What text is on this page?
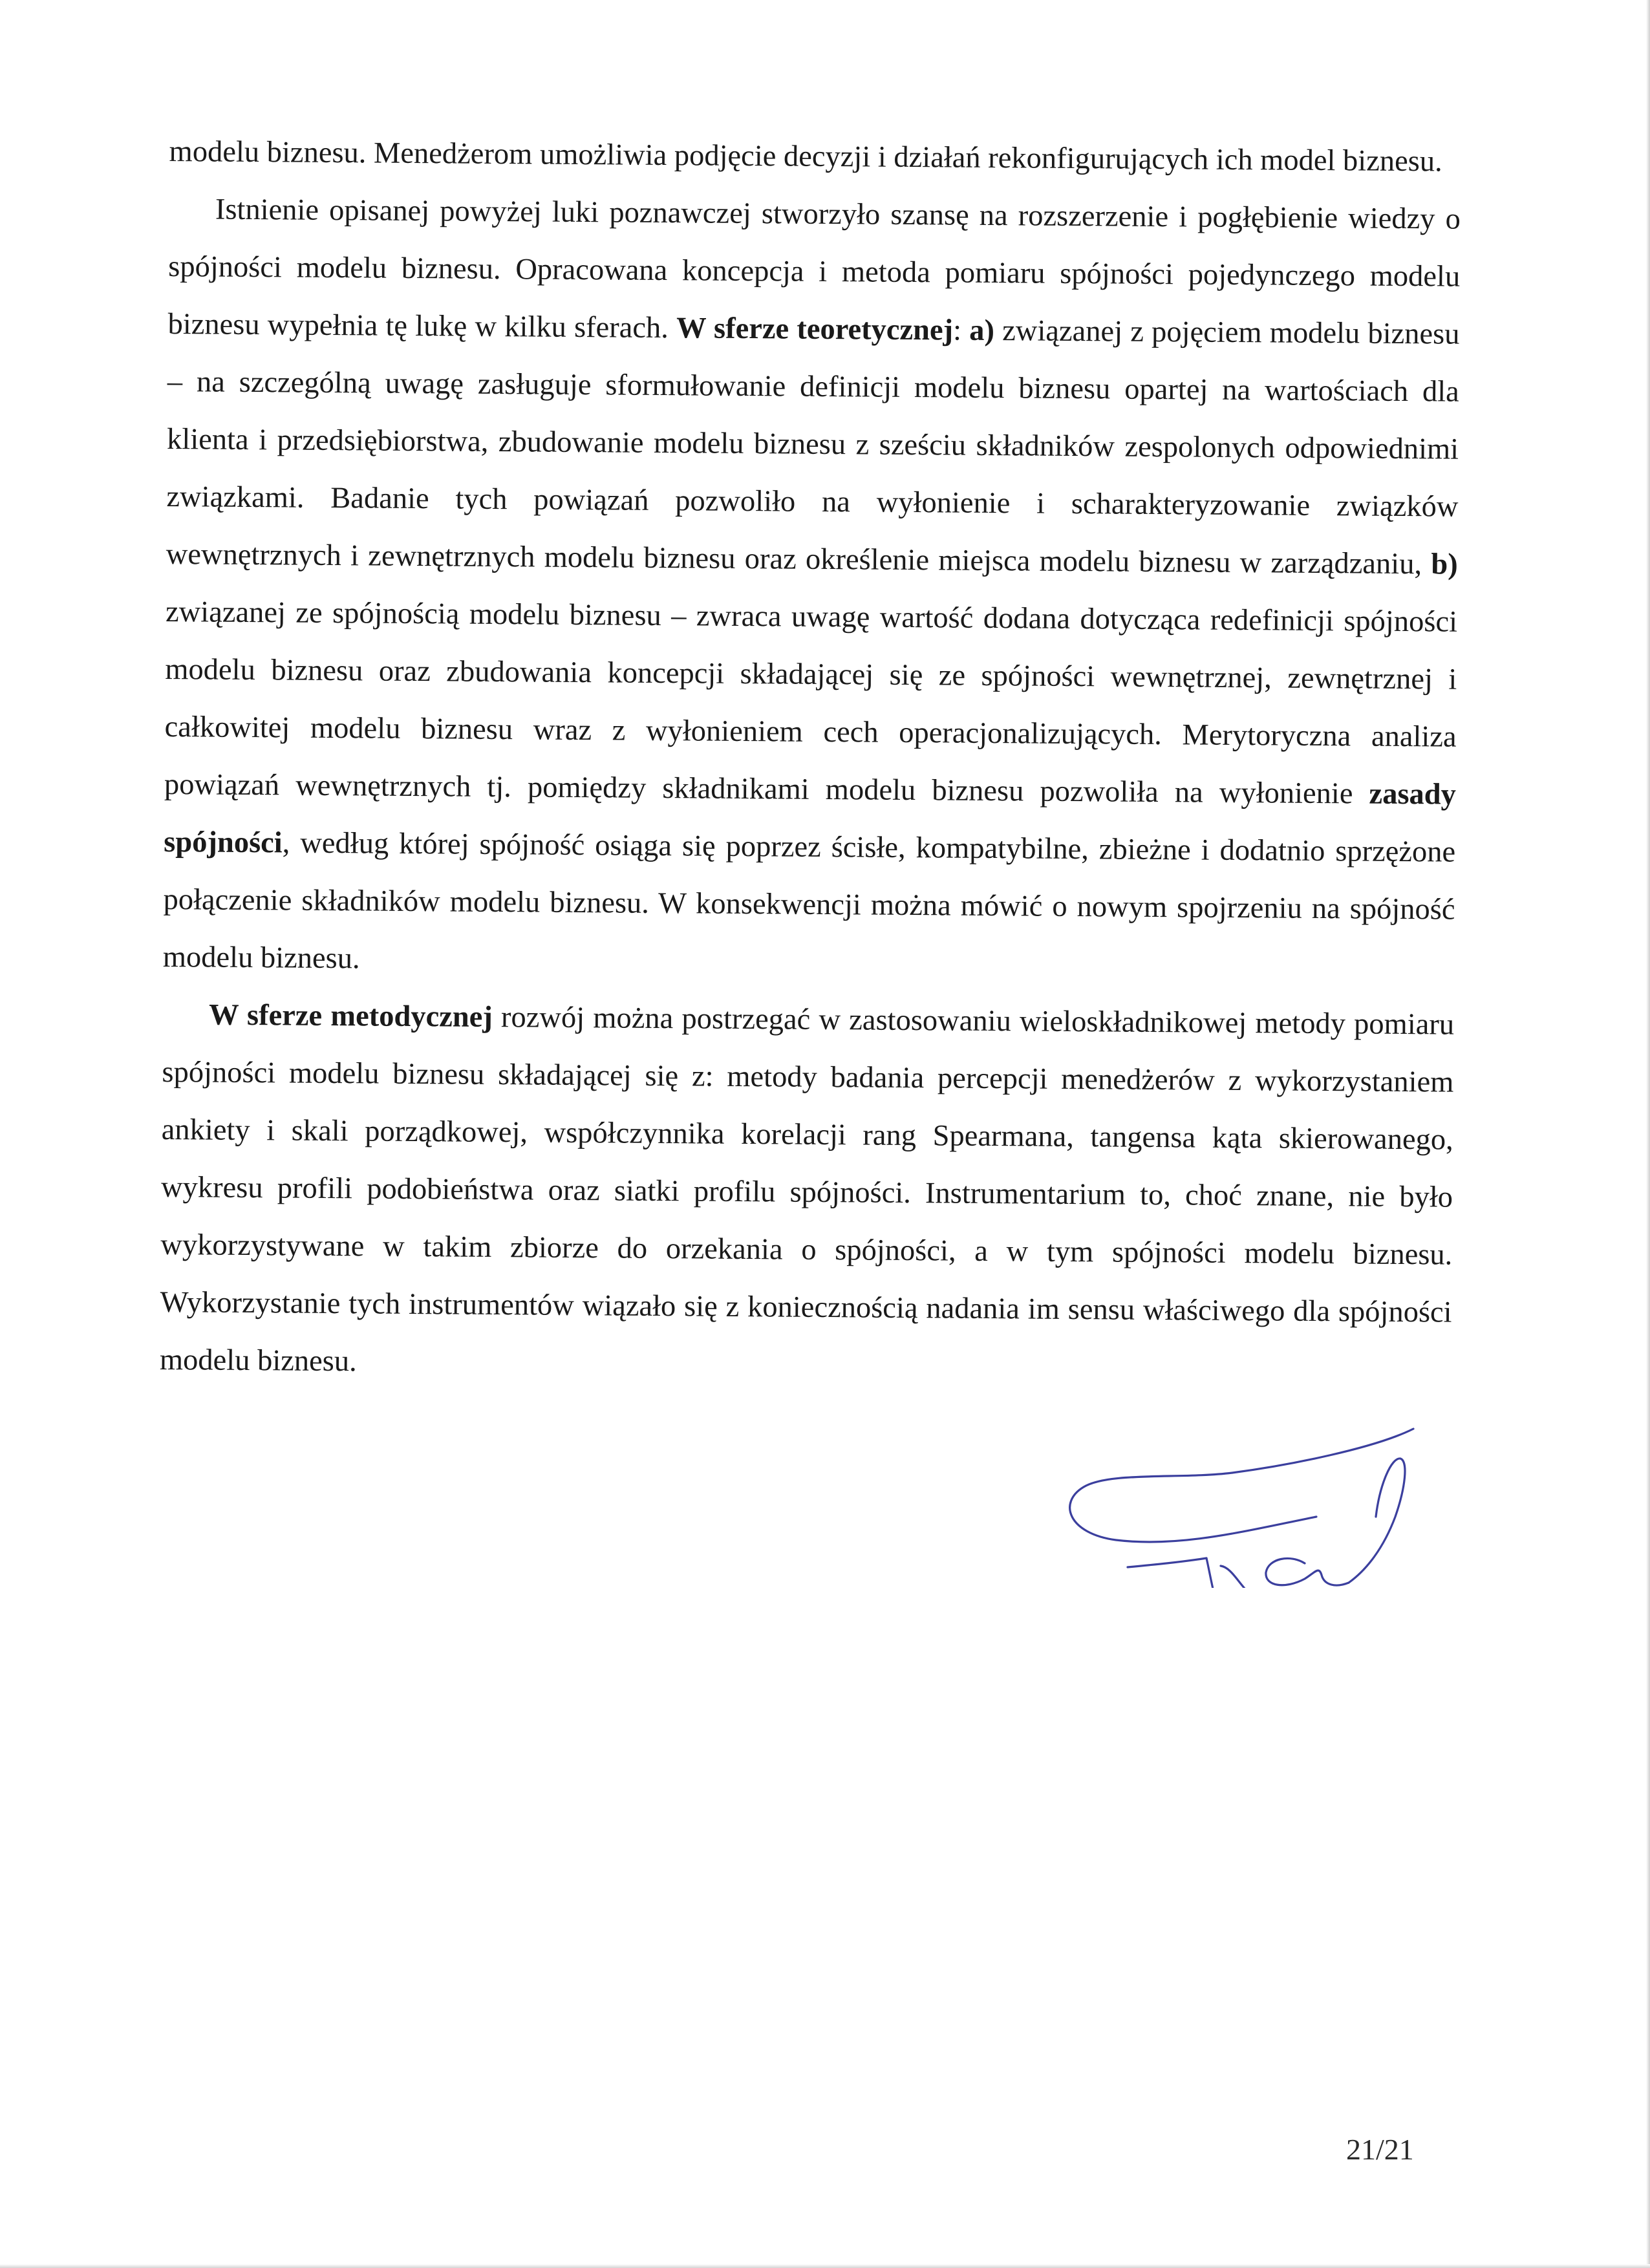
modelu biznesu. Menedżerom umożliwia podjęcie decyzji i działań rekonfigurujących ich model biznesu.

Istnienie opisanej powyżej luki poznawczej stworzyło szansę na rozszerzenie i pogłębienie wiedzy o spójności modelu biznesu. Opracowana koncepcja i metoda pomiaru spójności pojedynczego modelu biznesu wypełnia tę lukę w kilku sferach. W sferze teoretycznej: a) związanej z pojęciem modelu biznesu – na szczególną uwagę zasługuje sformułowanie definicji modelu biznesu opartej na wartościach dla klienta i przedsiębiorstwa, zbudowanie modelu biznesu z sześciu składników zespolonych odpowiednimi związkami. Badanie tych powiązań pozwoliło na wyłonienie i scharakteryzowanie związków wewnętrznych i zewnętrznych modelu biznesu oraz określenie miejsca modelu biznesu w zarządzaniu, b) związanej ze spójnością modelu biznesu – zwraca uwagę wartość dodana dotycząca redefinicji spójności modelu biznesu oraz zbudowania koncepcji składającej się ze spójności wewnętrznej, zewnętrznej i całkowitej modelu biznesu wraz z wyłonieniem cech operacjonalizujących. Merytoryczna analiza powiązań wewnętrznych tj. pomiędzy składnikami modelu biznesu pozwoliła na wyłonienie zasady spójności, według której spójność osiąga się poprzez ścisłe, kompatybilne, zbieżne i dodatnio sprzężone połączenie składników modelu biznesu. W konsekwencji można mówić o nowym spojrzeniu na spójność modelu biznesu.

W sferze metodycznej rozwój można postrzegać w zastosowaniu wieloskładnikowej metody pomiaru spójności modelu biznesu składającej się z: metody badania percepcji menedżerów z wykorzystaniem ankiety i skali porządkowej, współczynnika korelacji rang Spearmana, tangensa kąta skierowanego, wykresu profili podobieństwa oraz siatki profilu spójności. Instrumentarium to, choć znane, nie było wykorzystywane w takim zbiorze do orzekania o spójności, a w tym spójności modelu biznesu. Wykorzystanie tych instrumentów wiązało się z koniecznością nadania im sensu właściwego dla spójności modelu biznesu.

21/21
